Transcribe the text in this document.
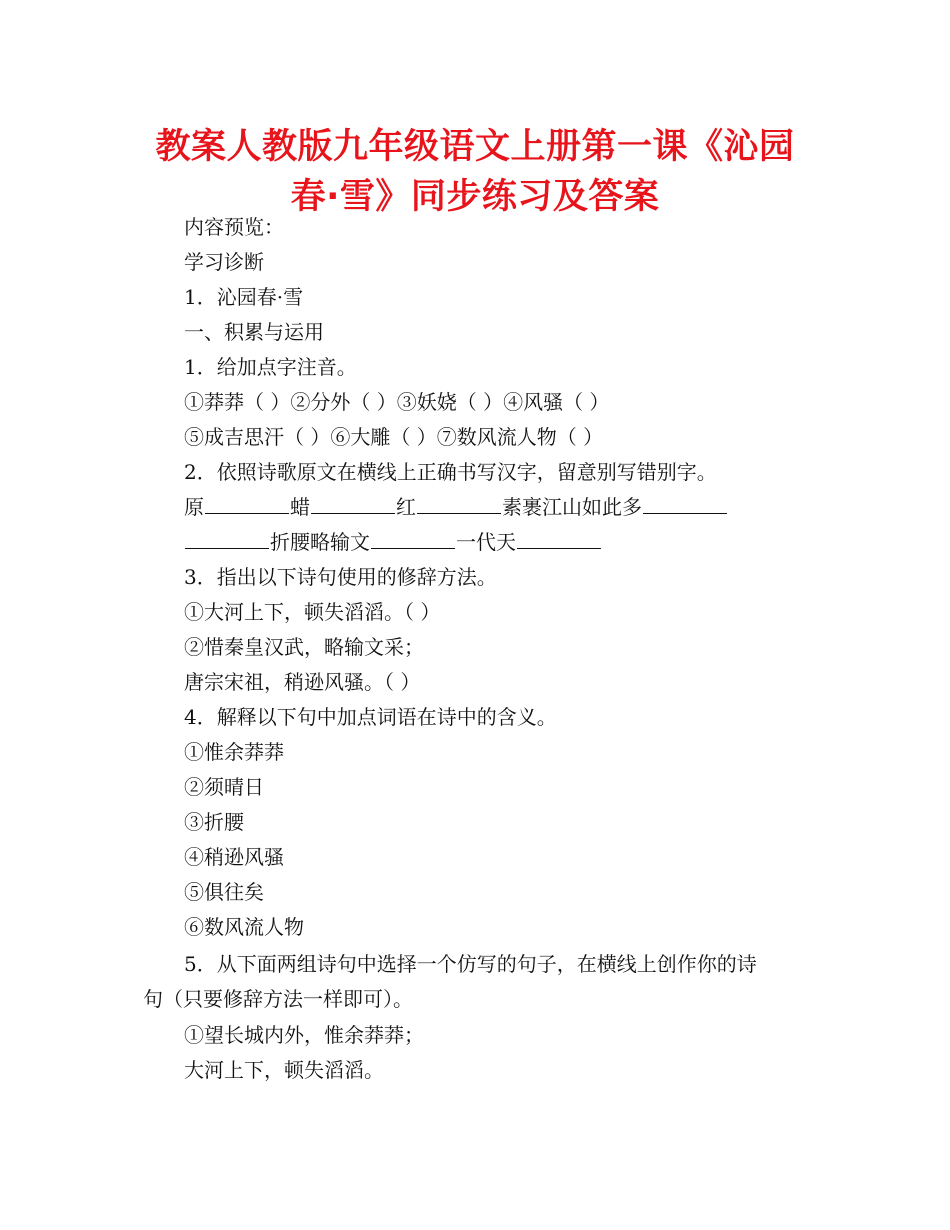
教案人教版九年级语文上册第一课《沁园春·雪》同步练习及答案
内容预览：
学习诊断
1．沁园春·雪
一、积累与运用
1．给加点字注音。
①莽莽（ ）②分外（ ）③妖娆（ ）④风骚（ ）
⑤成吉思汗（ ）⑥大雕（ ）⑦数风流人物（ ）
2．依照诗歌原文在横线上正确书写汉字，留意别写错别字。
原	蜡	红	素裹江山如此多
折腰略输文	一代天
3．指出以下诗句使用的修辞方法。
①大河上下，顿失滔滔。（ ）
②惜秦皇汉武，略输文采；
唐宗宋祖，稍逊风骚。（ ）
4．解释以下句中加点词语在诗中的含义。
①惟余莽莽
②须晴日
③折腰
④稍逊风骚
⑤俱往矣
⑥数风流人物
5．从下面两组诗句中选择一个仿写的句子，在横线上创作你的诗
句（只要修辞方法一样即可）。
①望长城内外，惟余莽莽；
大河上下，顿失滔滔。
